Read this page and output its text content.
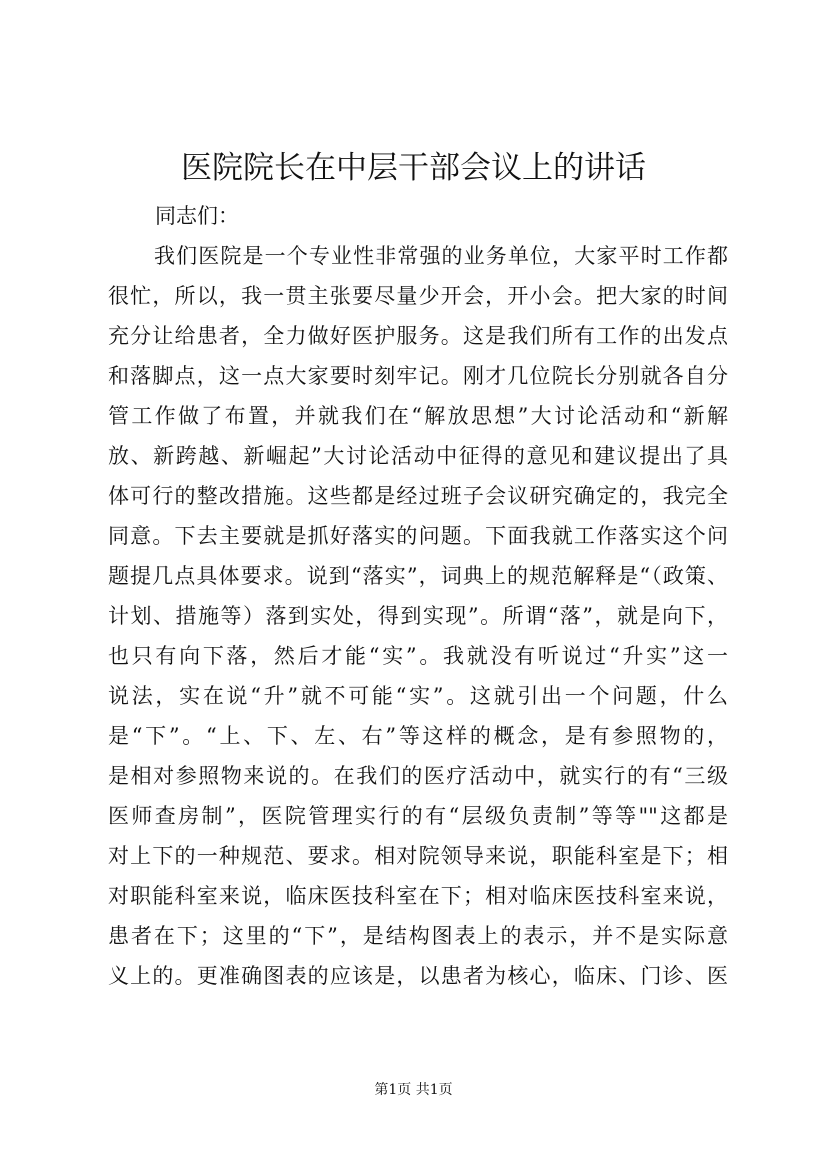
医院院长在中层干部会议上的讲话
同志们：
我们医院是一个专业性非常强的业务单位，大家平时工作都
很忙，所以，我一贯主张要尽量少开会，开小会。把大家的时间
充分让给患者，全力做好医护服务。这是我们所有工作的出发点
和落脚点，这一点大家要时刻牢记。刚才几位院长分别就各自分
管工作做了布置，并就我们在“解放思想”大讨论活动和“新解
放、新跨越、新崛起”大讨论活动中征得的意见和建议提出了具
体可行的整改措施。这些都是经过班子会议研究确定的，我完全
同意。下去主要就是抓好落实的问题。下面我就工作落实这个问
题提几点具体要求。说到“落实”，词典上的规范解释是“（政策、
计划、措施等）落到实处，得到实现”。所谓“落”，就是向下，
也只有向下落，然后才能“实”。我就没有听说过“升实”这一
说法，实在说“升”就不可能“实”。这就引出一个问题，什么
是“下”。“上、下、左、右”等这样的概念，是有参照物的，
是相对参照物来说的。在我们的医疗活动中，就实行的有“三级
医师查房制”，医院管理实行的有“层级负责制”等等""这都是
对上下的一种规范、要求。相对院领导来说，职能科室是下；相
对职能科室来说，临床医技科室在下；相对临床医技科室来说，
患者在下；这里的“下”，是结构图表上的表示，并不是实际意
义上的。更准确图表的应该是，以患者为核心，临床、门诊、医
第1页 共1页
